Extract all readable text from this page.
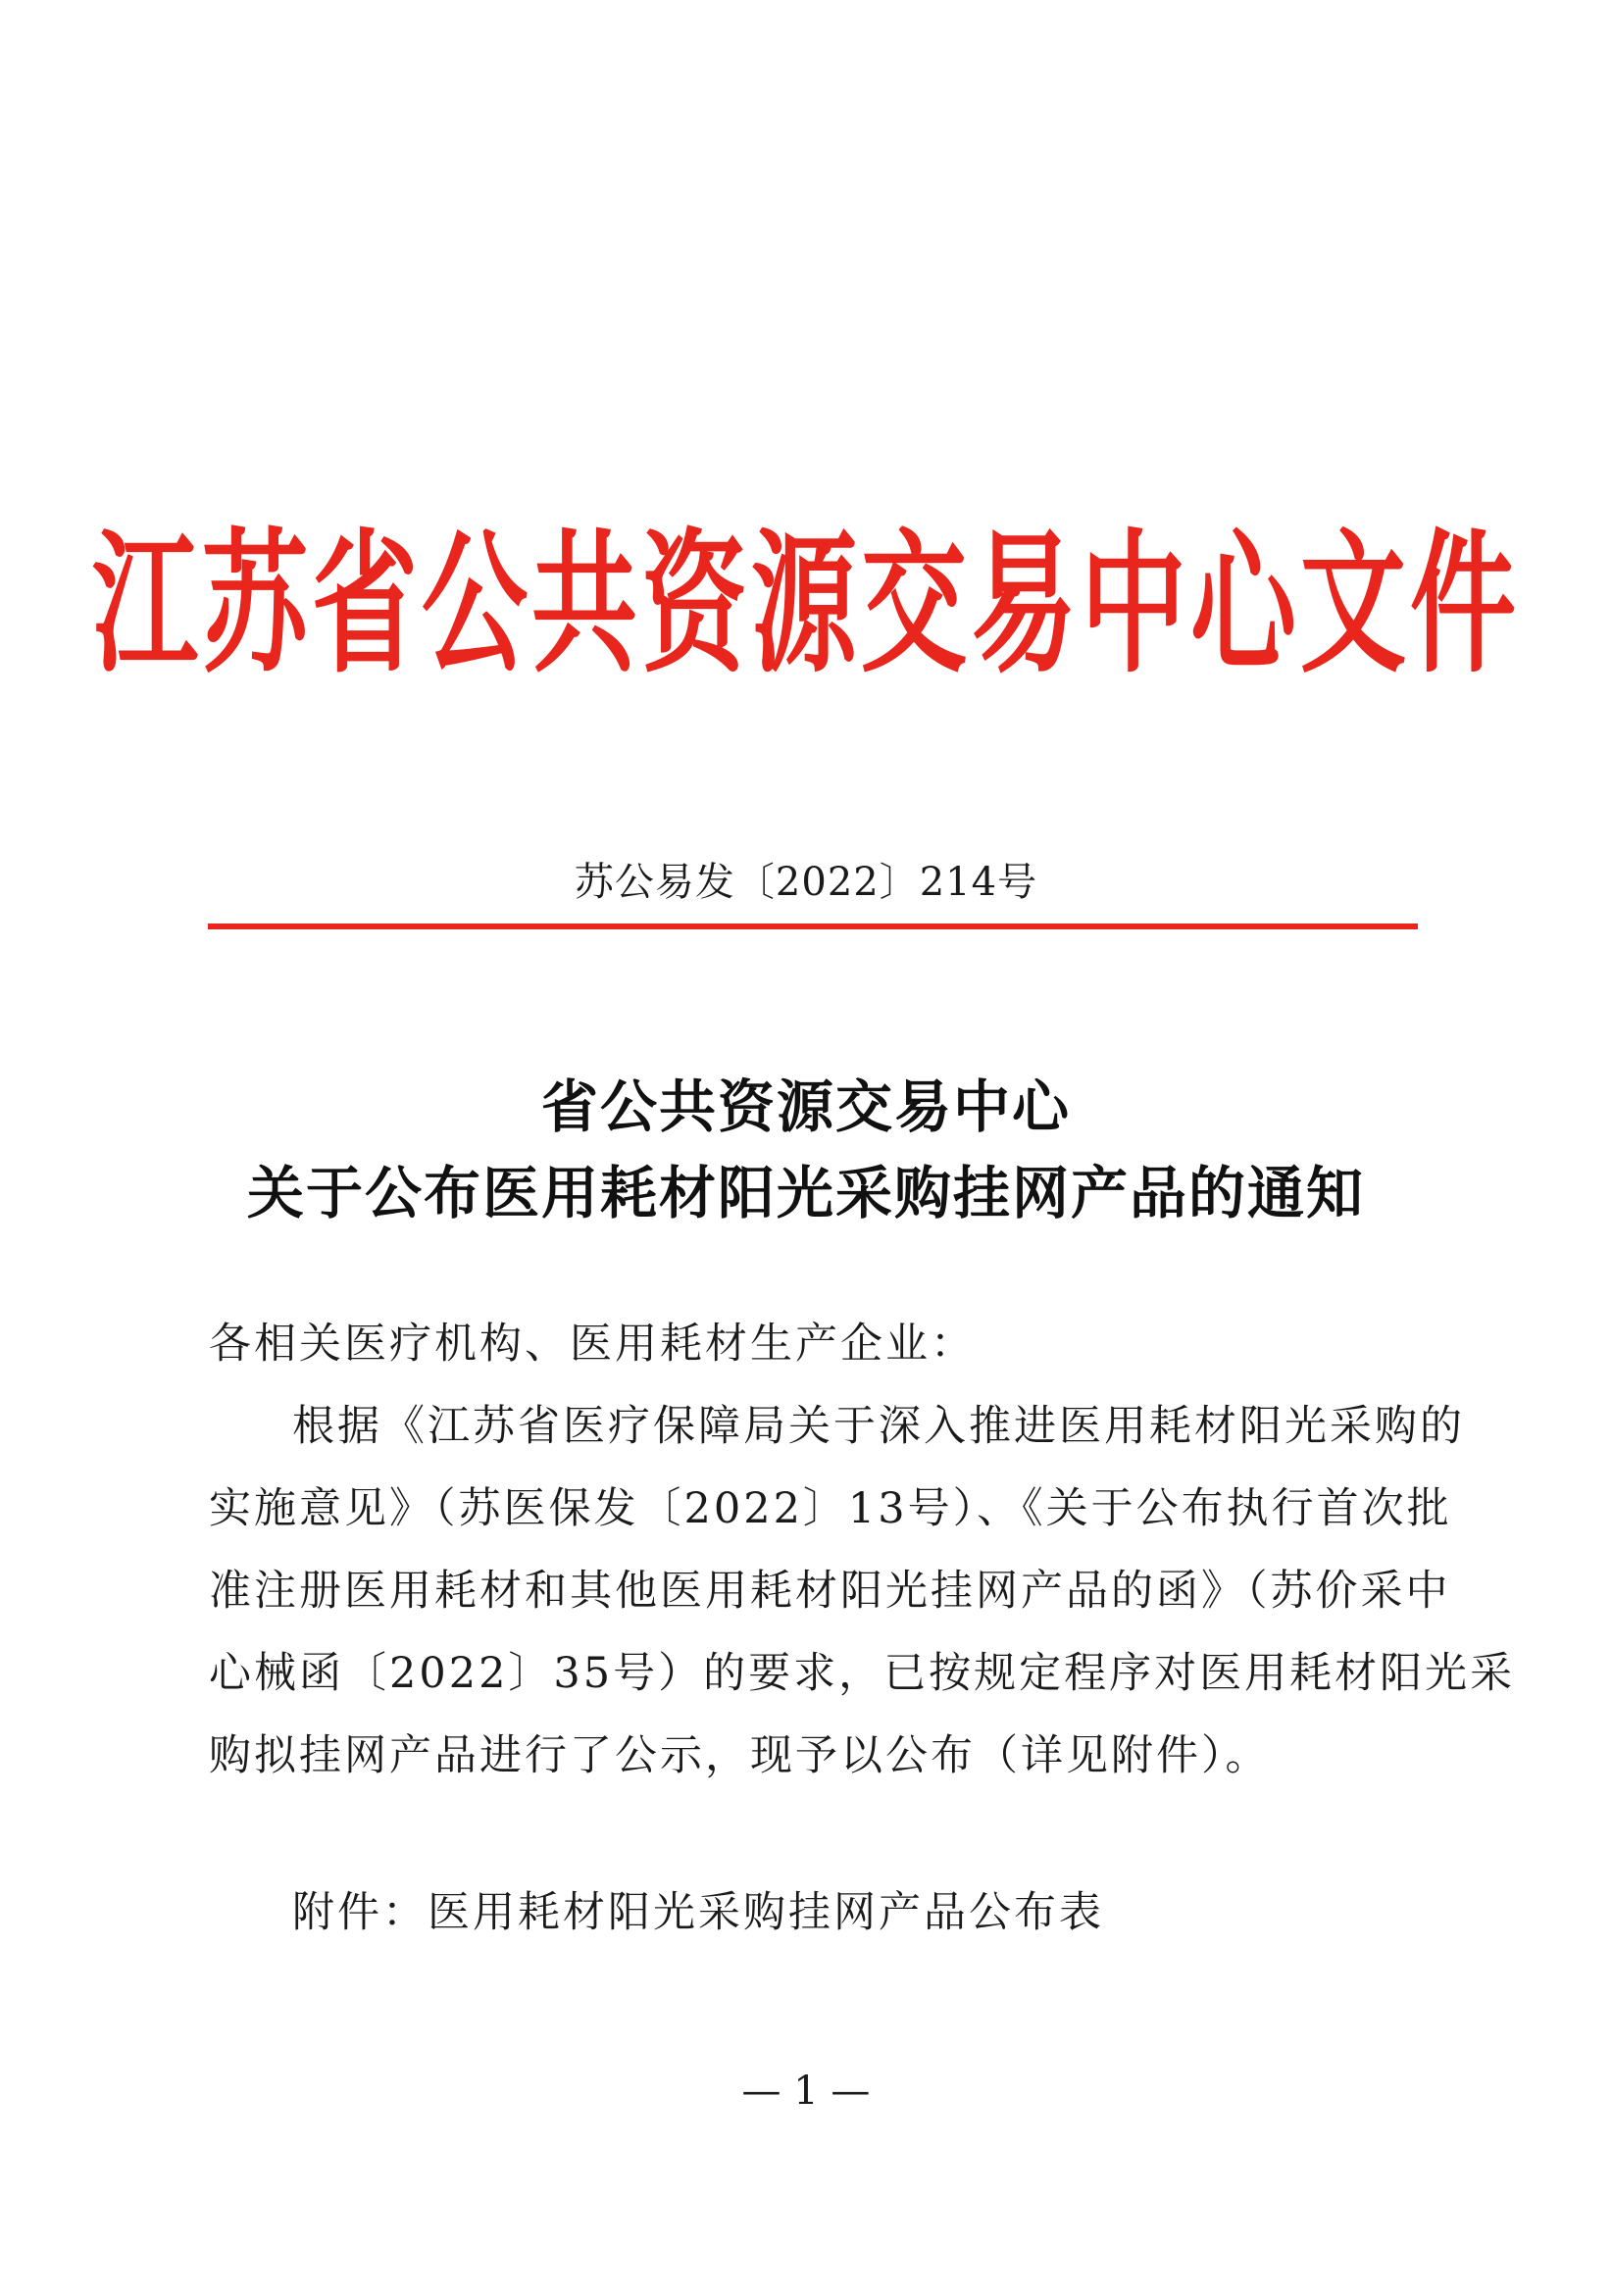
江苏省公共资源交易中心文件
苏公易发〔2022〕214号
省公共资源交易中心
关于公布医用耗材阳光采购挂网产品的通知
各相关医疗机构、医用耗材生产企业：
根据《江苏省医疗保障局关于深入推进医用耗材阳光采购的
实施意见》（苏医保发〔2022〕13号）、《关于公布执行首次批
准注册医用耗材和其他医用耗材阳光挂网产品的函》（苏价采中
心械函〔2022〕35号）的要求，已按规定程序对医用耗材阳光采
购拟挂网产品进行了公示，现予以公布（详见附件）。
附件：医用耗材阳光采购挂网产品公布表
— 1 —
